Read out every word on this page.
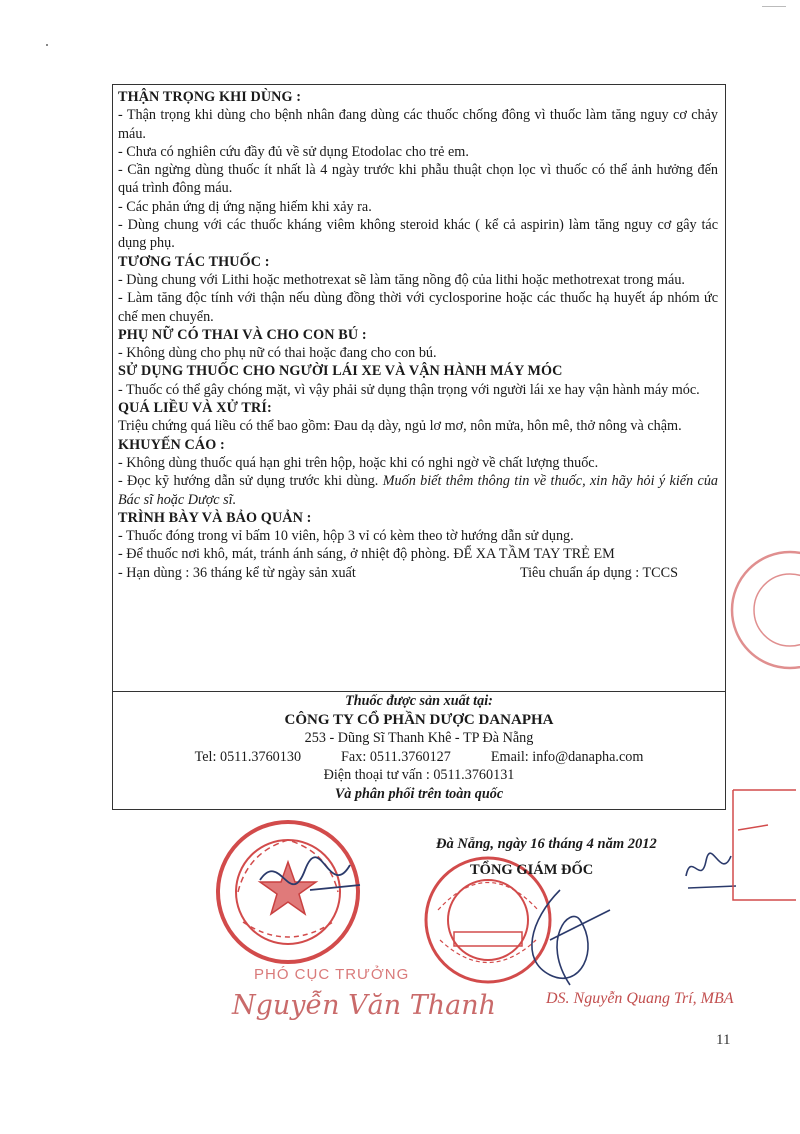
THẬN TRỌNG KHI DÙNG :

- Thận trọng khi dùng cho bệnh nhân đang dùng các thuốc chống đông vì thuốc làm tăng nguy cơ chảy máu.

- Chưa có nghiên cứu đầy đủ về sử dụng Etodolac cho trẻ em.

- Cần ngừng dùng thuốc ít nhất là 4 ngày trước khi phẫu thuật chọn lọc vì thuốc có thể ảnh hưởng đến quá trình đông máu.

- Các phản ứng dị ứng nặng hiếm khi xảy ra.

- Dùng chung với các thuốc kháng viêm không steroid khác ( kể cả aspirin) làm tăng nguy cơ gây tác dụng phụ.

TƯƠNG TÁC THUỐC :

- Dùng chung với Lithi hoặc methotrexat sẽ làm tăng nồng độ của lithi hoặc methotrexat trong máu.

- Làm tăng độc tính với thận nếu dùng đồng thời với cyclosporine hoặc các thuốc hạ huyết áp nhóm ức chế men chuyển.

PHỤ NỮ CÓ THAI VÀ CHO CON BÚ :

- Không dùng cho phụ nữ có thai hoặc đang cho con bú.

SỬ DỤNG THUỐC CHO NGƯỜI LÁI XE VÀ VẬN HÀNH MÁY MÓC

- Thuốc có thể gây chóng mặt, vì vậy phải sử dụng thận trọng với người lái xe hay vận hành máy móc.

QUÁ LIỀU VÀ XỬ TRÍ:

Triệu chứng quá liều có thể bao gồm: Đau dạ dày, ngủ lơ mơ, nôn mửa, hôn mê, thở nông và chậm.

KHUYẾN CÁO :

- Không dùng thuốc quá hạn ghi trên hộp, hoặc khi có nghi ngờ về chất lượng thuốc.

- Đọc kỹ hướng dẫn sử dụng trước khi dùng. Muốn biết thêm thông tin về thuốc, xin hãy hỏi ý kiến của Bác sĩ hoặc Dược sĩ.

TRÌNH BÀY VÀ BẢO QUẢN :

- Thuốc đóng trong vỉ bấm 10 viên, hộp 3 vỉ có kèm theo tờ hướng dẫn sử dụng.

- Để thuốc nơi khô, mát, tránh ánh sáng, ở nhiệt độ phòng. ĐỂ XA TẦM TAY TRẺ EM

- Hạn dùng : 36 tháng kể từ ngày sản xuất	Tiêu chuẩn áp dụng : TCCS

Thuốc được sản xuất tại:
CÔNG TY CỔ PHẦN DƯỢC DANAPHA
253 - Dũng Sĩ Thanh Khê - TP Đà Nẵng
Tel: 0511.3760130	Fax: 0511.3760127	Email: info@danapha.com
Điện thoại tư vấn : 0511.3760131
Và phân phối trên toàn quốc
Đà Nẵng, ngày 16 tháng 4 năm 2012
TỔNG GIÁM ĐỐC
PHÓ CỤC TRƯỞNG
Nguyễn Văn Thanh	DS. Nguyễn Quang Trí, MBA
11
